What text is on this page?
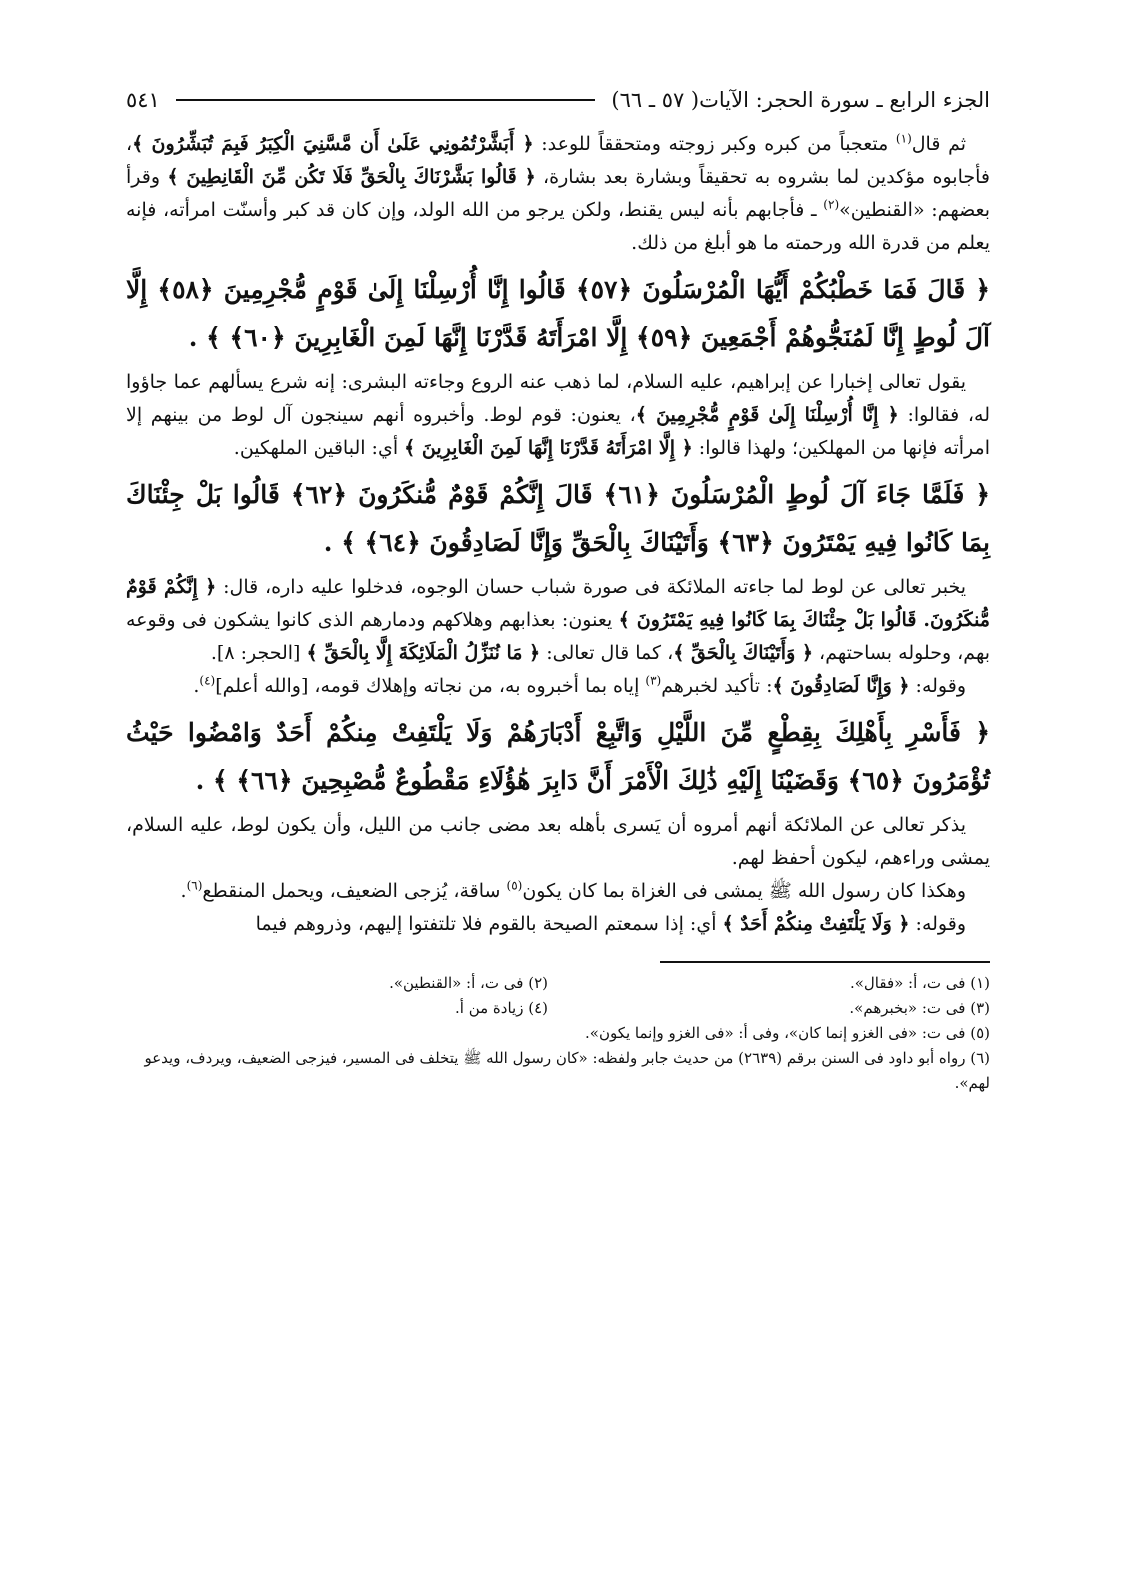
الجزء الرابع ـ سورة الحجر: الآيات( ٥٧ ـ ٦٦)
٥٤١

ثم قال$^{(١)}$ متعجباً من كبره وكبر زوجته ومتحققاً للوعد: ﴿ أَبَشَّرْتُمُونِي عَلَىٰ أَن مَّسَّنِيَ الْكِبَرُ فَبِمَ تُبَشِّرُونَ ﴾، فأجابوه مؤكدين لما بشروه به تحقيقاً وبشارة بعد بشارة، ﴿ قَالُوا بَشَّرْنَاكَ بِالْحَقِّ فَلَا تَكُن مِّنَ الْقَانِطِينَ ﴾ وقرأ بعضهم: «القنطين»$^{(٢)}$ ـ فأجابهم بأنه ليس يقنط، ولكن يرجو من الله الولد، وإن كان قد كبر وأسنّت امرأته، فإنه يعلم من قدرة الله ورحمته ما هو أبلغ من ذلك.

﴿ قَالَ فَمَا خَطْبُكُمْ أَيُّهَا الْمُرْسَلُونَ ﴿٥٧﴾ قَالُوا إِنَّا أُرْسِلْنَا إِلَىٰ قَوْمٍ مُّجْرِمِينَ ﴿٥٨﴾ إِلَّا آلَ لُوطٍ إِنَّا لَمُنَجُّوهُمْ أَجْمَعِينَ ﴿٥٩﴾ إِلَّا امْرَأَتَهُ قَدَّرْنَا إِنَّهَا لَمِنَ الْغَابِرِينَ ﴿٦٠﴾ ﴾ .

يقول تعالى إخبارا عن إبراهيم، عليه السلام، لما ذهب عنه الروع وجاءته البشرى: إنه شرع يسألهم عما جاؤوا له، فقالوا: ﴿ إِنَّا أُرْسِلْنَا إِلَىٰ قَوْمٍ مُّجْرِمِينَ ﴾، يعنون: قوم لوط. وأخبروه أنهم سينجون آل لوط من بينهم إلا امرأته فإنها من المهلكين؛ ولهذا قالوا: ﴿ إِلَّا امْرَأَتَهُ قَدَّرْنَا إِنَّهَا لَمِنَ الْغَابِرِينَ ﴾ أي: الباقين الملهكين.

﴿ فَلَمَّا جَاءَ آلَ لُوطٍ الْمُرْسَلُونَ ﴿٦١﴾ قَالَ إِنَّكُمْ قَوْمٌ مُّنكَرُونَ ﴿٦٢﴾ قَالُوا بَلْ جِئْنَاكَ بِمَا كَانُوا فِيهِ يَمْتَرُونَ ﴿٦٣﴾ وَأَتَيْنَاكَ بِالْحَقِّ وَإِنَّا لَصَادِقُونَ ﴿٦٤﴾ ﴾ .

يخبر تعالى عن لوط لما جاءته الملائكة فى صورة شباب حسان الوجوه، فدخلوا عليه داره، قال: ﴿ إِنَّكُمْ قَوْمٌ مُّنكَرُونَ. قَالُوا بَلْ جِئْنَاكَ بِمَا كَانُوا فِيهِ يَمْتَرُونَ ﴾ يعنون: بعذابهم وهلاكهم ودمارهم الذى كانوا يشكون فى وقوعه بهم، وحلوله بساحتهم، ﴿ وَأَتَيْنَاكَ بِالْحَقِّ ﴾، كما قال تعالى: ﴿ مَا نُنَزِّلُ الْمَلَائِكَةَ إِلَّا بِالْحَقِّ ﴾ [الحجر: ٨].

وقوله: ﴿ وَإِنَّا لَصَادِقُونَ ﴾: تأكيد لخبرهم$^{(٣)}$ إياه بما أخبروه به، من نجاته وإهلاك قومه، [والله أعلم]$^{(٤)}$.

﴿ فَأَسْرِ بِأَهْلِكَ بِقِطْعٍ مِّنَ اللَّيْلِ وَاتَّبِعْ أَدْبَارَهُمْ وَلَا يَلْتَفِتْ مِنكُمْ أَحَدٌ وَامْضُوا حَيْثُ تُؤْمَرُونَ ﴿٦٥﴾ وَقَضَيْنَا إِلَيْهِ ذَٰلِكَ الْأَمْرَ أَنَّ دَابِرَ هَٰؤُلَاءِ مَقْطُوعٌ مُّصْبِحِينَ ﴿٦٦﴾ ﴾ .

يذكر تعالى عن الملائكة أنهم أمروه أن يَسرى بأهله بعد مضى جانب من الليل، وأن يكون لوط، عليه السلام، يمشى وراءهم، ليكون أحفظ لهم.

وهكذا كان رسول الله ﷺ يمشى فى الغزاة بما كان يكون$^{(٥)}$ ساقة، يُزجى الضعيف، ويحمل المنقطع$^{(٦)}$.

وقوله: ﴿ وَلَا يَلْتَفِتْ مِنكُمْ أَحَدٌ ﴾ أي: إذا سمعتم الصيحة بالقوم فلا تلتفتوا إليهم، وذروهم فيما

(١) فى ت، أ: «فقال».
(٢) فى ت، أ: «القنطين».
(٣) فى ت: «بخبرهم».
(٤) زيادة من أ.
(٥) فى ت: «فى الغزو إنما كان»، وفى أ: «فى الغزو وإنما يكون».
(٦) رواه أبو داود فى السنن برقم (٢٦٣٩) من حديث جابر ولفظه: «كان رسول الله ﷺ يتخلف فى المسير، فيزجى الضعيف، ويردف، ويدعو لهم».
